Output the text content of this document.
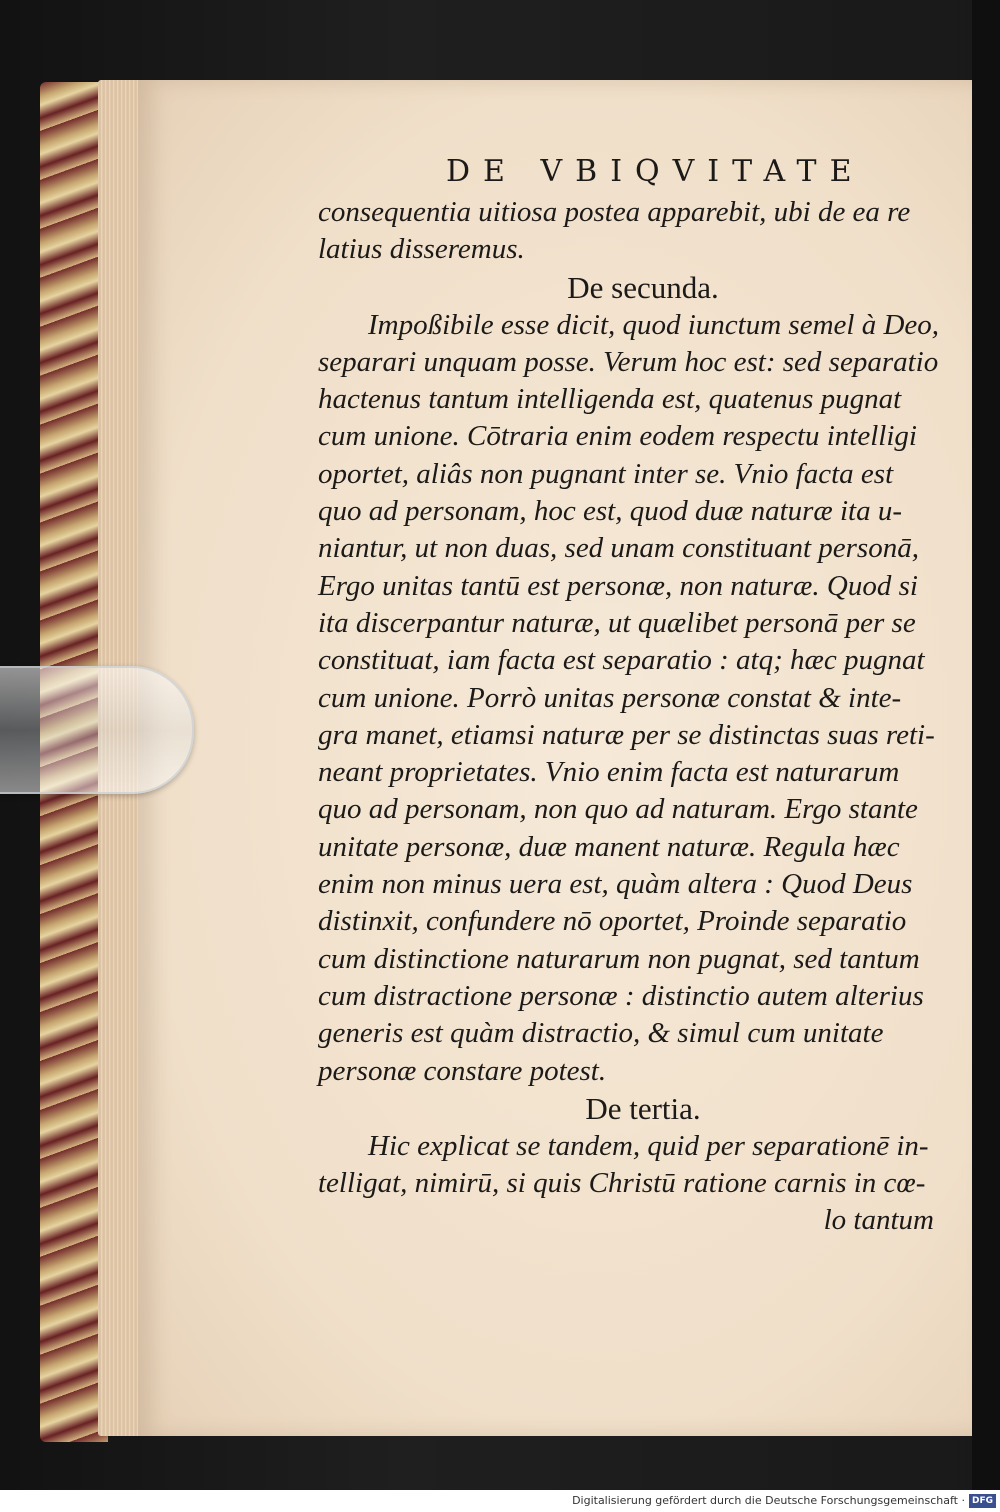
DE VBIQVITATE
consequentia uitiosa postea apparebit, ubi de ea re
latius disseremus.
De secunda.
Impoßibile esse dicit, quod iunctum semel à Deo,
separari unquam posse. Verum hoc est: sed separatio
hactenus tantum intelligenda est, quatenus pugnat
cum unione. Cōtraria enim eodem respectu intelligi
oportet, aliâs non pugnant inter se. Vnio facta est
quo ad personam, hoc est, quod duæ naturæ ita u-
niantur, ut non duas, sed unam constituant personā,
Ergo unitas tantū est personæ, non naturæ. Quod si
ita discerpantur naturæ, ut quælibet personā per se
constituat, iam facta est separatio : atq; hæc pugnat
cum unione. Porrò unitas personæ constat & inte-
gra manet, etiamsi naturæ per se distinctas suas reti-
neant proprietates. Vnio enim facta est naturarum
quo ad personam, non quo ad naturam. Ergo stante
unitate personæ, duæ manent naturæ. Regula hæc
enim non minus uera est, quàm altera : Quod Deus
distinxit, confundere nō oportet, Proinde separatio
cum distinctione naturarum non pugnat, sed tantum
cum distractione personæ : distinctio autem alterius
generis est quàm distractio, & simul cum unitate
personæ constare potest.
De tertia.
Hic explicat se tandem, quid per separationē in-
telligat, nimirū, si quis Christū ratione carnis in cœ-
lo tantum
Digitalisierung gefördert durch die Deutsche Forschungsgemeinschaft · DFG
